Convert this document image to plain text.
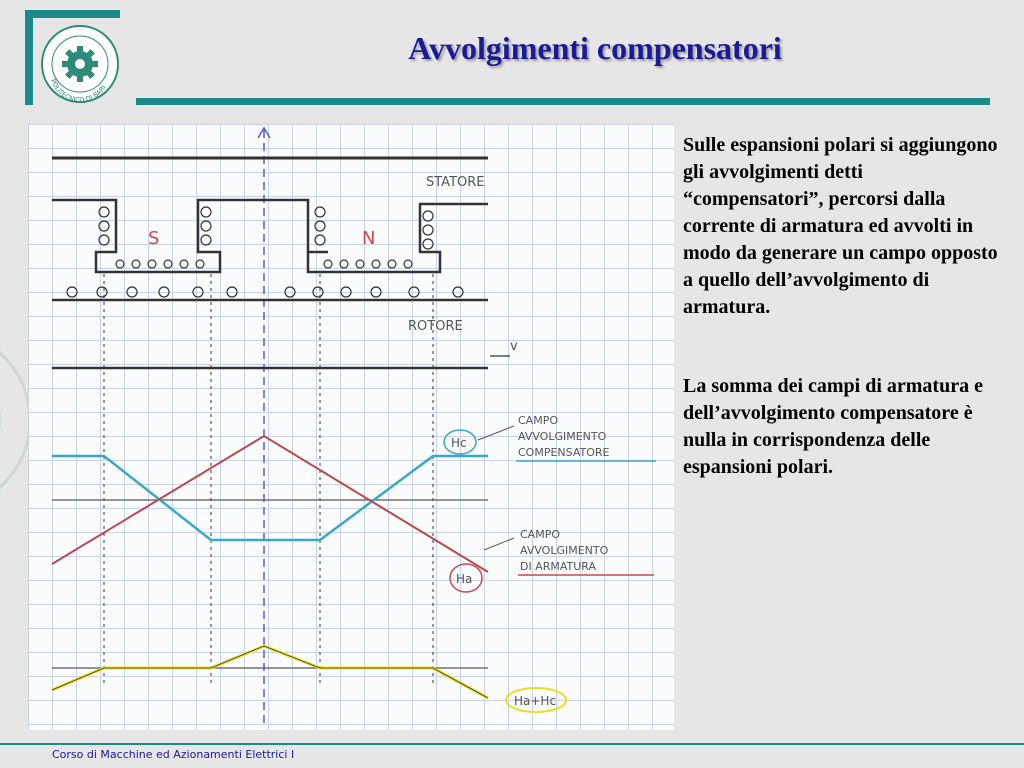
POLITECNICO DI BARI
Avvolgimenti compensatori
S	N
STATORE
ROTORE
v
Hc
CAMPO AVVOLGIMENTO COMPENSATORE
Ha
CAMPO AVVOLGIMENTO DI ARMATURA
Ha+Hc

Sulle espansioni polari si aggiungono gli avvolgimenti detti “compensatori”, percorsi dalla corrente di armatura ed avvolti in modo da generare un campo opposto a quello dell’avvolgimento di armatura.

La somma dei campi di armatura e dell’avvolgimento compensatore è nulla in corrispondenza delle espansioni polari.

Corso di Macchine ed Azionamenti Elettrici I
